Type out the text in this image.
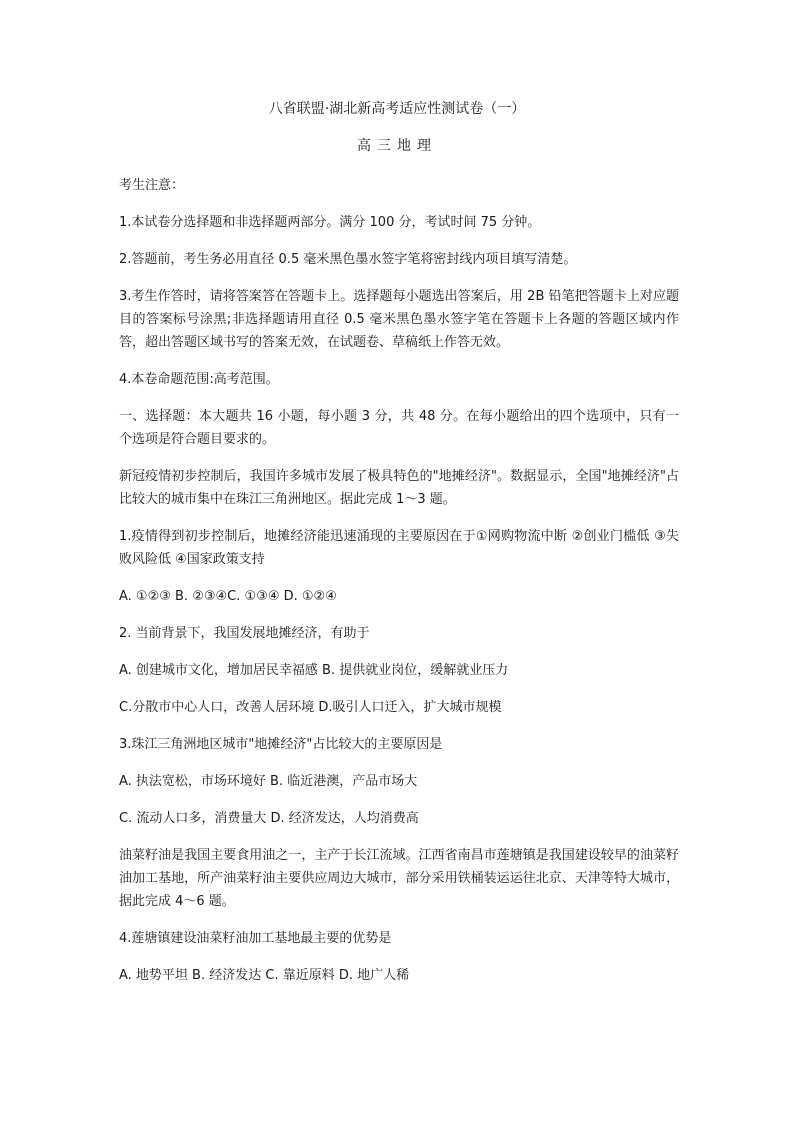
八省联盟·湖北新高考适应性测试卷（一）
高三地理

考生注意：

1.本试卷分选择题和非选择题两部分。满分 100 分，考试时间 75 分钟。

2.答题前，考生务必用直径 0.5 毫米黑色墨水签字笔将密封线内项目填写清楚。

3.考生作答时，请将答案答在答题卡上。选择题每小题选出答案后，用 2B 铅笔把答题卡上对应题目的答案标号涂黑;非选择题请用直径 0.5 毫米黑色墨水签字笔在答题卡上各题的答题区域内作答，超出答题区域书写的答案无效，在试题卷、草稿纸上作答无效。

4.本卷命题范围:高考范围。

一、选择题：本大题共 16 小题，每小题 3 分，共 48 分。在每小题给出的四个选项中，只有一个选项是符合题目要求的。

新冠疫情初步控制后，我国许多城市发展了极具特色的"地摊经济"。数据显示，全国"地摊经济"占比较大的城市集中在珠江三角洲地区。据此完成 1～3 题。

1.疫情得到初步控制后，地摊经济能迅速涌现的主要原因在于①网购物流中断 ②创业门槛低 ③失败风险低 ④国家政策支持

A. ①②③ B. ②③④C. ①③④ D. ①②④

2. 当前背景下，我国发展地摊经济，有助于

A. 创建城市文化，增加居民幸福感 B. 提供就业岗位，缓解就业压力

C.分散市中心人口，改善人居环境 D.吸引人口迁入，扩大城市规模

3.珠江三角洲地区城市"地摊经济"占比较大的主要原因是

A. 执法宽松，市场环境好 B. 临近港澳，产品市场大

C. 流动人口多，消费量大 D. 经济发达，人均消费高

油菜籽油是我国主要食用油之一，主产于长江流域。江西省南昌市莲塘镇是我国建设较早的油菜籽油加工基地，所产油菜籽油主要供应周边大城市，部分采用铁桶装运运往北京、天津等特大城市，据此完成 4～6 题。

4.莲塘镇建设油菜籽油加工基地最主要的优势是

A. 地势平坦 B. 经济发达 C. 靠近原料 D. 地广人稀
